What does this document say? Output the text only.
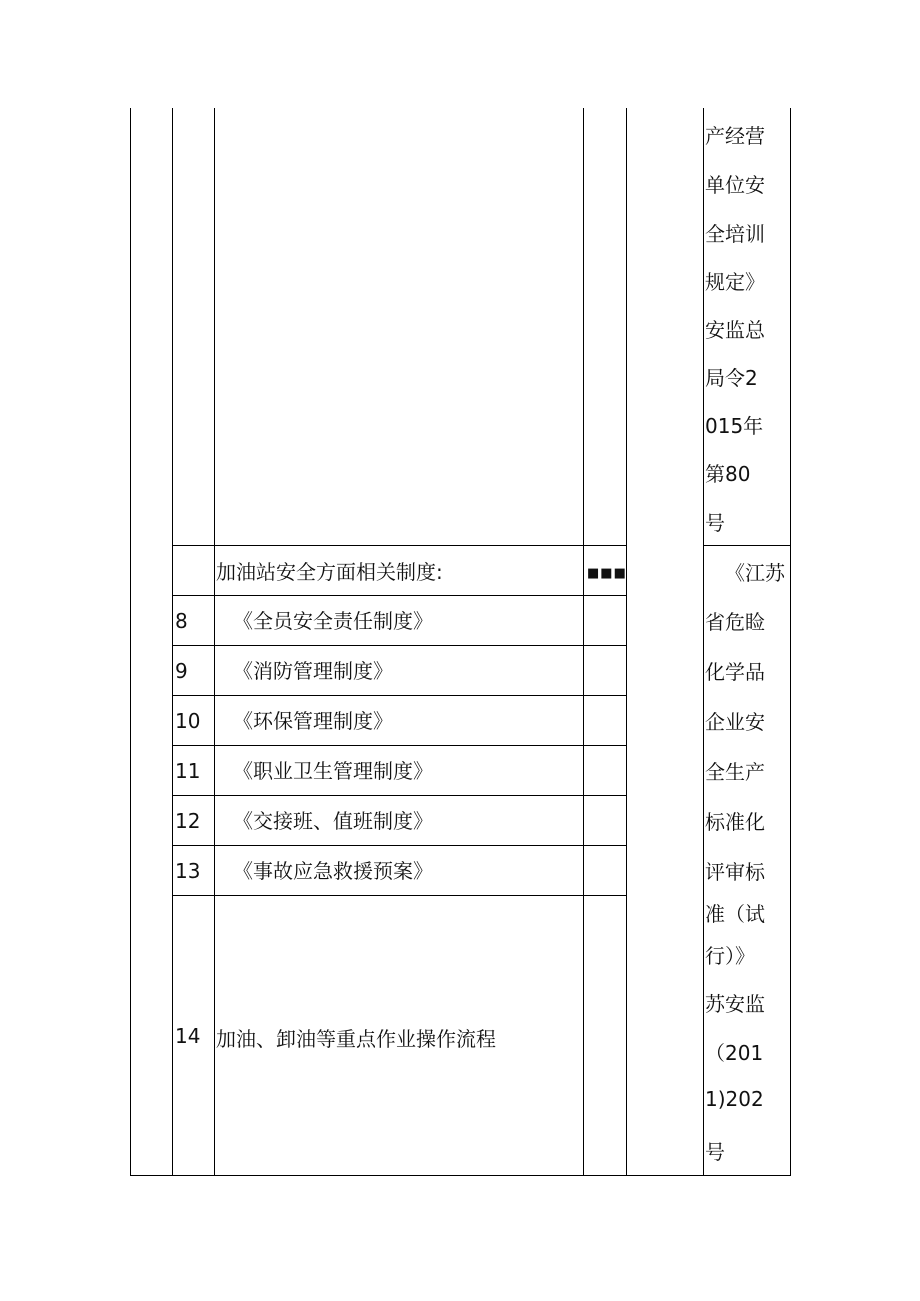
产经营
单位安
全培训
规定》
安监总
局令2
015年
第80
号
加油站安全方面相关制度:	■■■
8 《全员安全责任制度》
9 《消防管理制度》
10 《环保管理制度》
11 《职业卫生管理制度》
12 《交接班、值班制度》
13 《事故应急救援预案》
14 加油、卸油等重点作业操作流程
《江苏
省危睑
化学品
企业安
全生产
标准化
评审标
准（试
行）》
苏安监
（201
1)202
号
